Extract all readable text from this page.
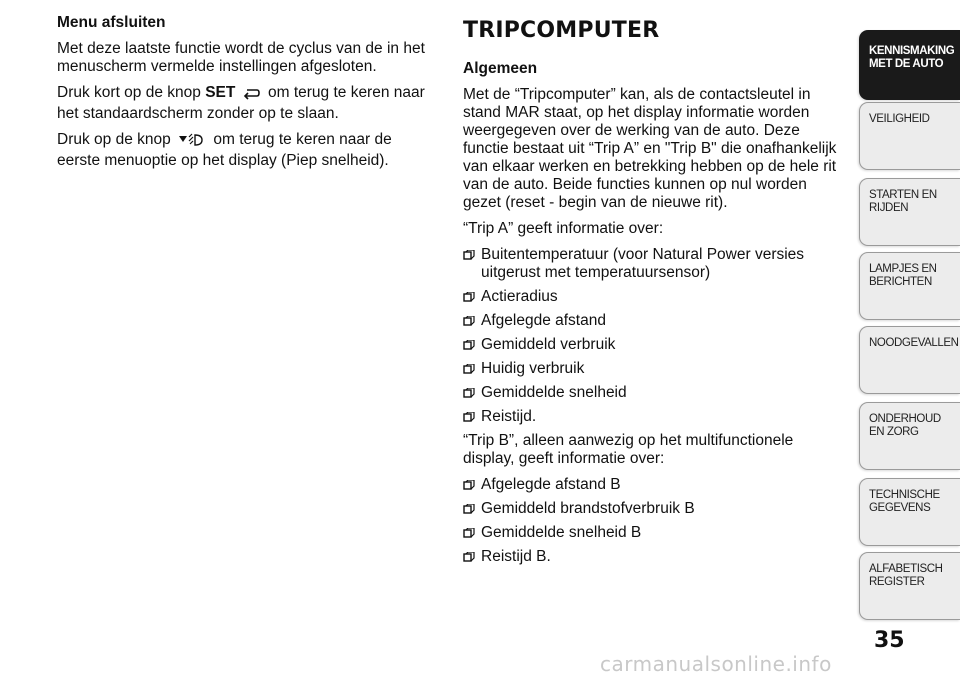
Menu afsluiten

Met deze laatste functie wordt de cyclus van de in het menuscherm vermelde instellingen afgesloten.

Druk kort op de knop SET om terug te keren naar het standaardscherm zonder op te slaan.

Druk op de knop	om terug te keren naar de eerste menuoptie op het display (Piep snelheid).

TRIPCOMPUTER
Algemeen

Met de “Tripcomputer” kan, als de contactsleutel in stand MAR staat, op het display informatie worden weergegeven over de werking van de auto. Deze functie bestaat uit “Trip A” en "Trip B" die onafhankelijk van elkaar werken en betrekking hebben op de hele rit van de auto. Beide functies kunnen op nul worden gezet (reset - begin van de nieuwe rit).

“Trip A” geeft informatie over:

Buitentemperatuur (voor Natural Power versies uitgerust met temperatuursensor)
Actieradius
Afgelegde afstand
Gemiddeld verbruik
Huidig verbruik
Gemiddelde snelheid
Reistijd.

“Trip B”, alleen aanwezig op het multifunctionele display, geeft informatie over:

Afgelegde afstand B
Gemiddeld brandstofverbruik B
Gemiddelde snelheid B
Reistijd B.
KENNISMAKING MET DE AUTO
VEILIGHEID
STARTEN EN RIJDEN
LAMPJES EN BERICHTEN
NOODGEVALLEN
ONDERHOUD EN ZORG
TECHNISCHE GEGEVENS
ALFABETISCH REGISTER
35
carmanualsonline.info
